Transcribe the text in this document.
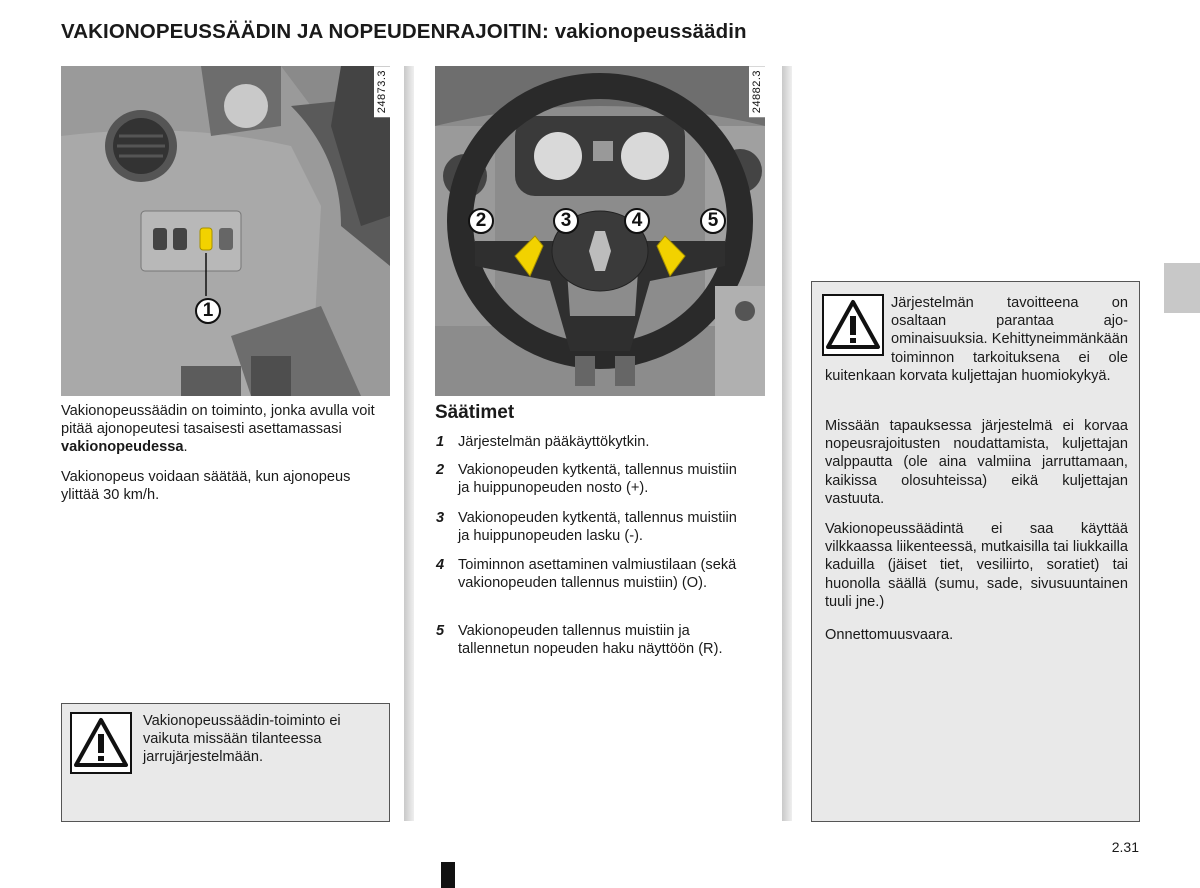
VAKIONOPEUSSÄÄDIN JA NOPEUDENRAJOITIN: vakionopeussäädin
24873.3
1
Vakionopeussäädin on toiminto, jonka avulla voit pitää ajonopeutesi tasaisesti asettamassasi vakionopeudessa.
Vakionopeus voidaan säätää, kun ajonopeus ylittää 30 km/h.
Vakionopeussäädin-toiminto ei vaikuta missään tilanteessa jarrujärjestelmään.
24882.3
2	3	4	5
Säätimet
1 Järjestelmän pääkäyttökytkin.
2 Vakionopeuden kytkentä, tallennus muistiin ja huippunopeuden nosto (+).
3 Vakionopeuden kytkentä, tallennus muistiin ja huippunopeuden lasku (-).
4 Toiminnon asettaminen valmiustilaan (sekä vakionopeuden tallennus muistiin) (O).
5 Vakionopeuden tallennus muistiin ja tallennetun nopeuden haku näyttöön (R).
Järjestelmän tavoitteena on osaltaan parantaa ajo-ominaisuuksia. Kehittyneimmänkään toiminnon tarkoituksena ei ole kuitenkaan korvata kuljettajan huomiokykyä.
Missään tapauksessa järjestelmä ei korvaa nopeusrajoitusten noudattamista, kuljettajan valppautta (ole aina valmiina jarruttamaan, kaikissa olosuhteissa) eikä kuljettajan vastuuta.
Vakionopeussäädintä ei saa käyttää vilkkaassa liikenteessä, mutkaisilla tai liukkailla kaduilla (jäiset tiet, vesiliirto, soratiet) tai huonolla säällä (sumu, sade, sivusuuntainen tuuli jne.)
Onnettomuusvaara.
2.31
